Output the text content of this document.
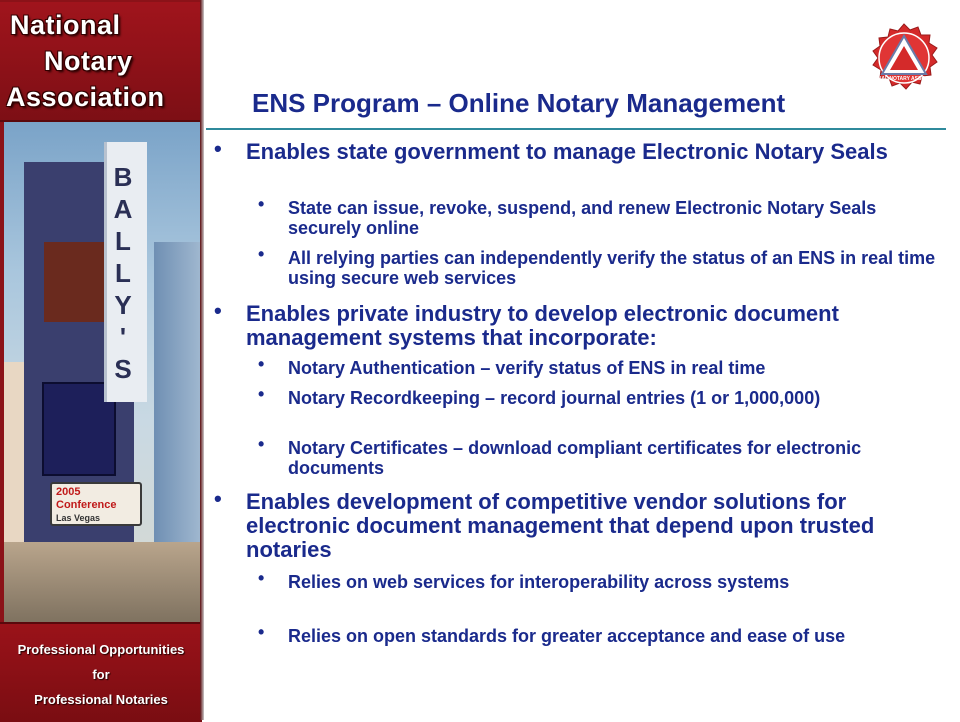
National
Notary
Association
BALLY'S
2005
Conference
Las Vegas
Professional Opportunities
for
Professional Notaries
NATIONAL NOTARY ASSOCIATION
ENS Program – Online Notary Management
• Enables state government to manage Electronic Notary Seals
• State can issue, revoke, suspend, and renew Electronic Notary Seals securely online
• All relying parties can independently verify the status of an ENS in real time using secure web services
• Enables private industry to develop electronic document management systems that incorporate:
• Notary Authentication – verify status of ENS in real time
• Notary Recordkeeping – record journal entries (1 or 1,000,000)
• Notary Certificates – download compliant certificates for electronic documents
• Enables development of competitive vendor solutions for electronic document management that depend upon trusted notaries
• Relies on web services for interoperability across systems
• Relies on open standards for greater acceptance and ease of use
